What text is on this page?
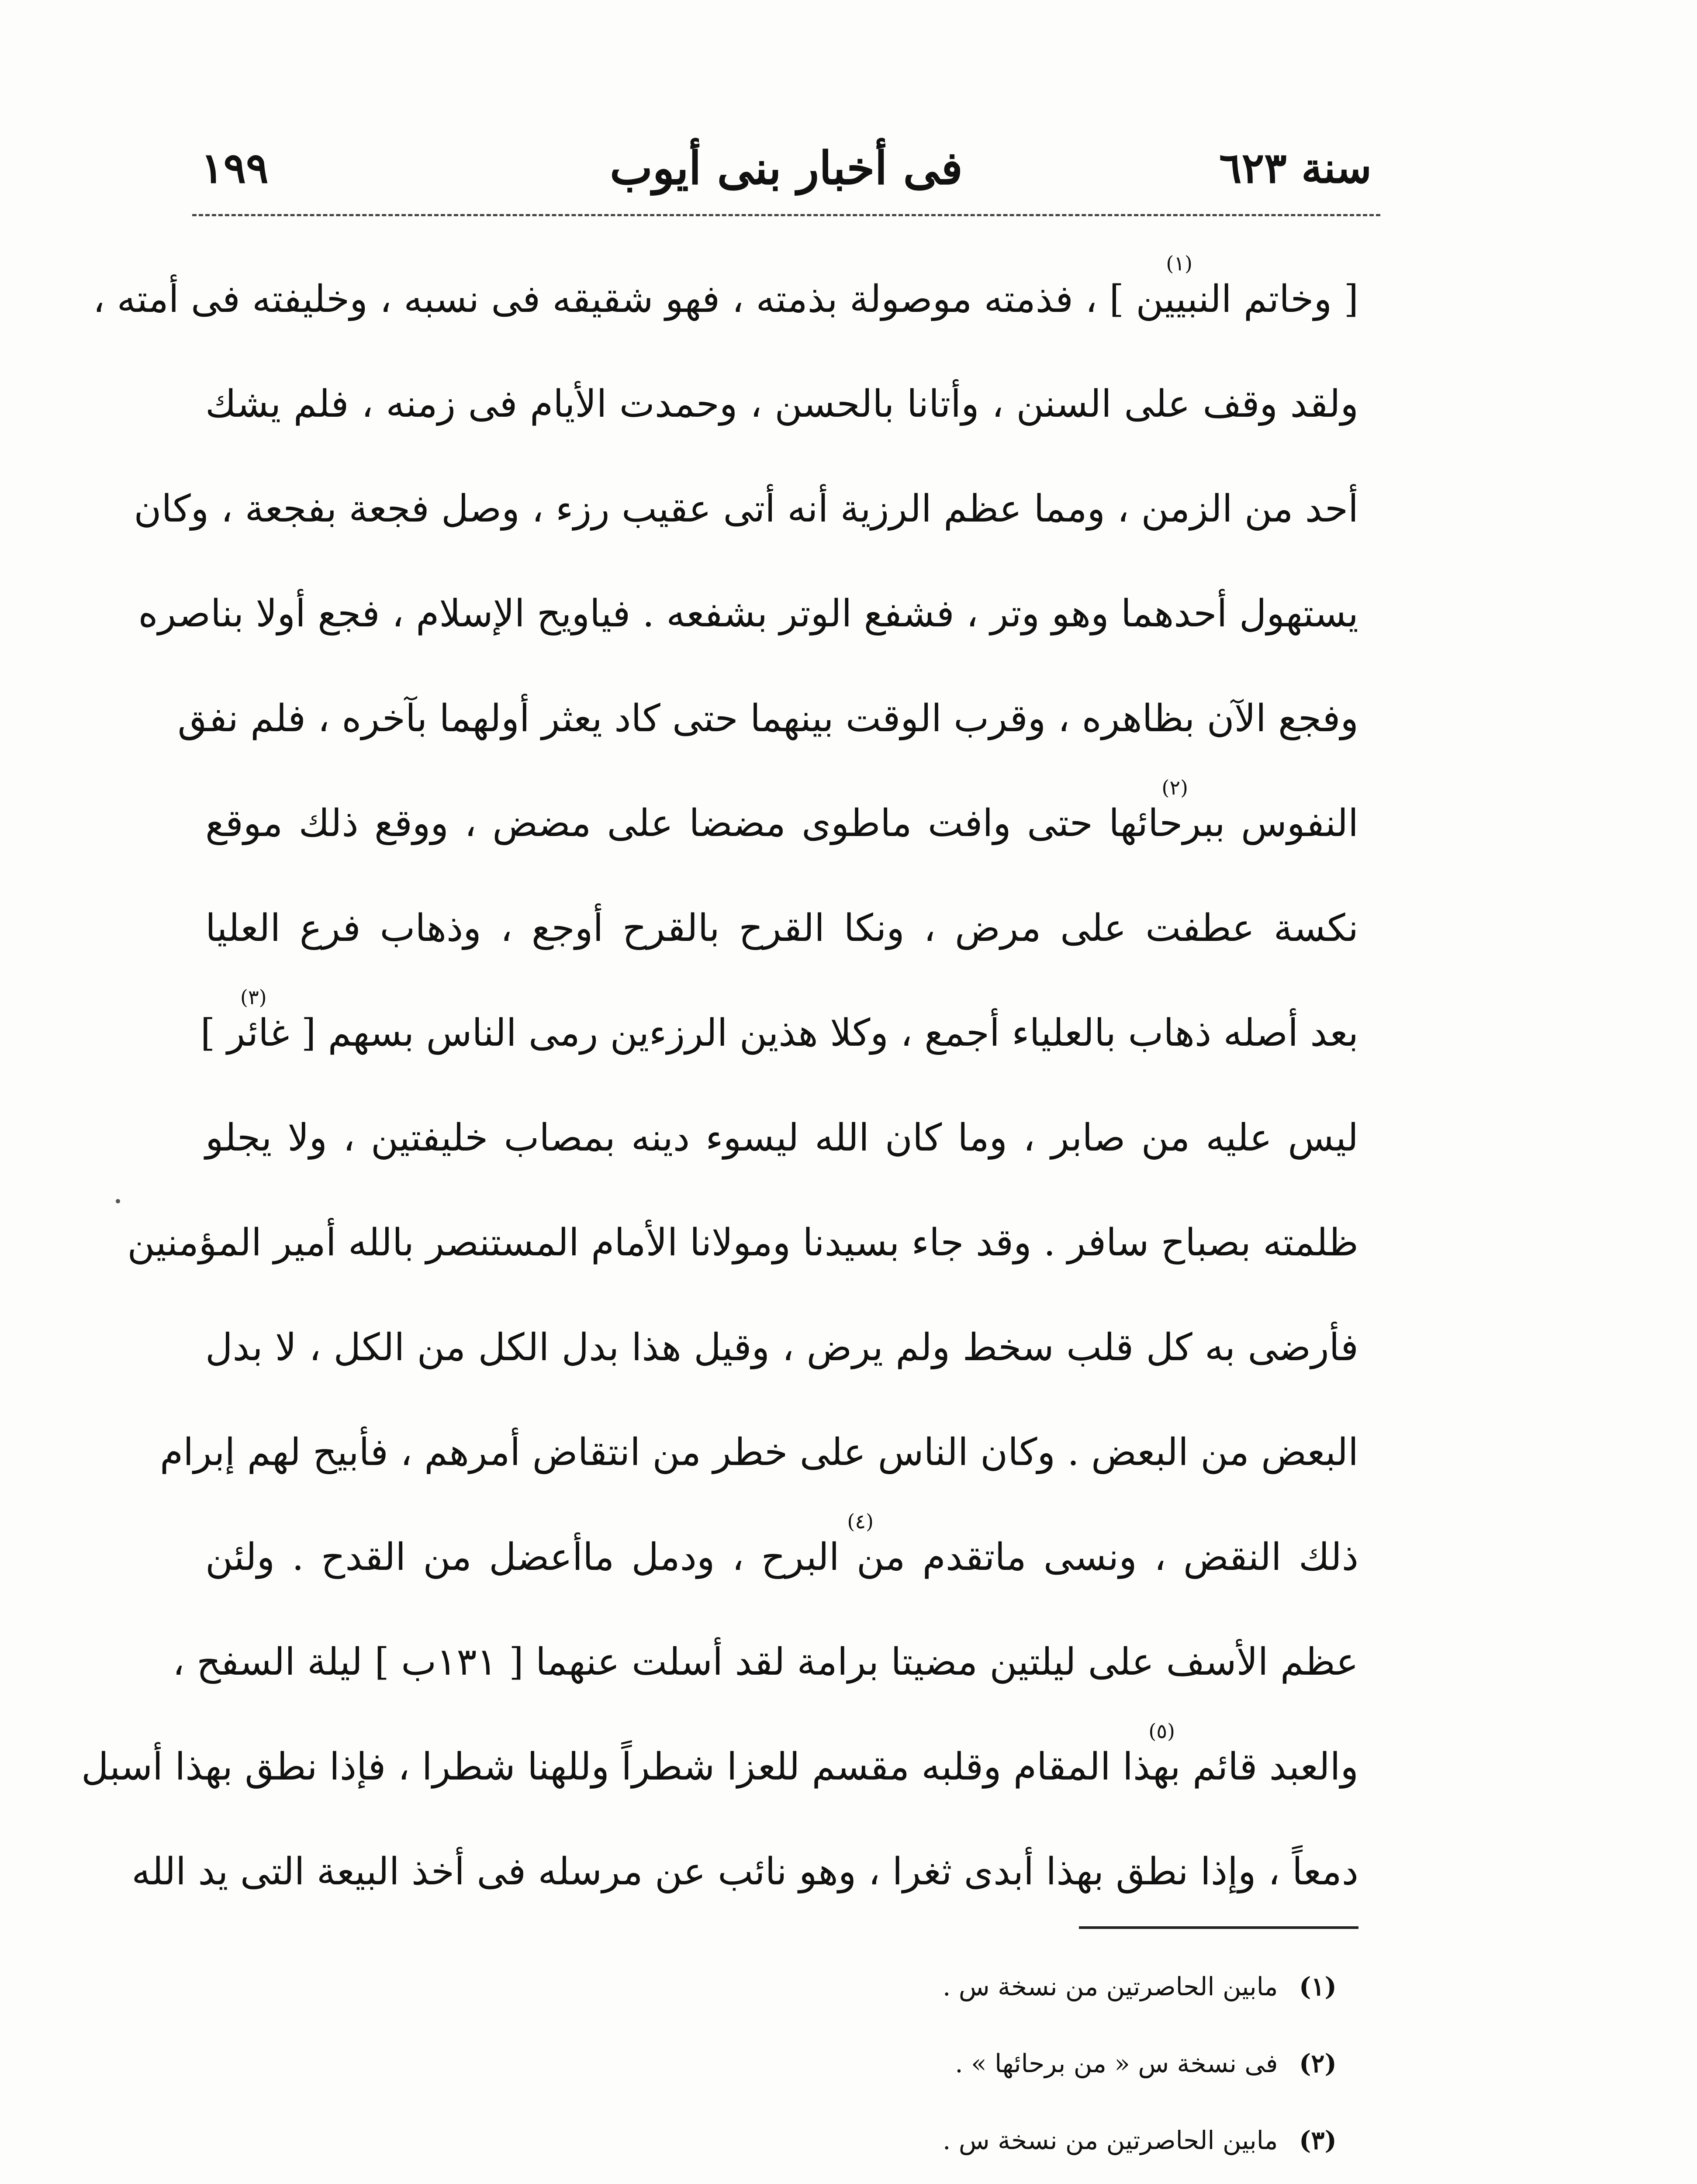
سنة ٦٢٣
فى أخبار بنى أيوب
١٩٩
[ وخاتم النبيين ] ، فذمته موصولة بذمته ، فهو شقيقه فى نسبه ، وخليفته فى أمته ،
(١)
ولقد وقف على السنن ، وأتانا بالحسن ، وحمدت الأيام فى زمنه ، فلم يشك
أحد من الزمن ، ومما عظم الرزية أنه أتى عقيب رزء ، وصل فجعة بفجعة ، وكان
يستهول أحدهما وهو وتر ، فشفع الوتر بشفعه . فياويح الإسلام ، فجع أولا بناصره
وفجع الآن بظاهره ، وقرب الوقت بينهما حتى كاد يعثر أولهما بآخره ، فلم نفق
النفوس ببرحائها حتى وافت ماطوى مضضا على مضض ، ووقع ذلك موقع
(٢)
نكسة عطفت على مرض ، ونكا القرح بالقرح أوجع ، وذهاب فرع العليا
بعد أصله ذهاب بالعلياء أجمع ، وكلا هذين الرزءين رمى الناس بسهم [ غائر ]
(٣)
ليس عليه من صابر ، وما كان الله ليسوء دينه بمصاب خليفتين ، ولا يجلو
ظلمته بصباح سافر . وقد جاء بسيدنا ومولانا الأمام المستنصر بالله أمير المؤمنين
فأرضى به كل قلب سخط ولم يرض ، وقيل هذا بدل الكل من الكل ، لا بدل
البعض من البعض . وكان الناس على خطر من انتقاض أمرهم ، فأبيح لهم إبرام
ذلك النقض ، ونسى ماتقدم من البرح ، ودمل ماأعضل من القدح . ولئن
(٤)
عظم الأسف على ليلتين مضيتا برامة لقد أسلت عنهما [ ١٣١ب ] ليلة السفح ،
والعبد قائم بهذا المقام وقلبه مقسم للعزا شطراً وللهنا شطرا ، فإذا نطق بهذا أسبل
(٥)
دمعاً ، وإذا نطق بهذا أبدى ثغرا ، وهو نائب عن مرسله فى أخذ البيعة التى يد الله
(١) مابين الحاصرتين من نسخة س .
(٢) فى نسخة س « من برحائها » .
(٣) مابين الحاصرتين من نسخة س .
